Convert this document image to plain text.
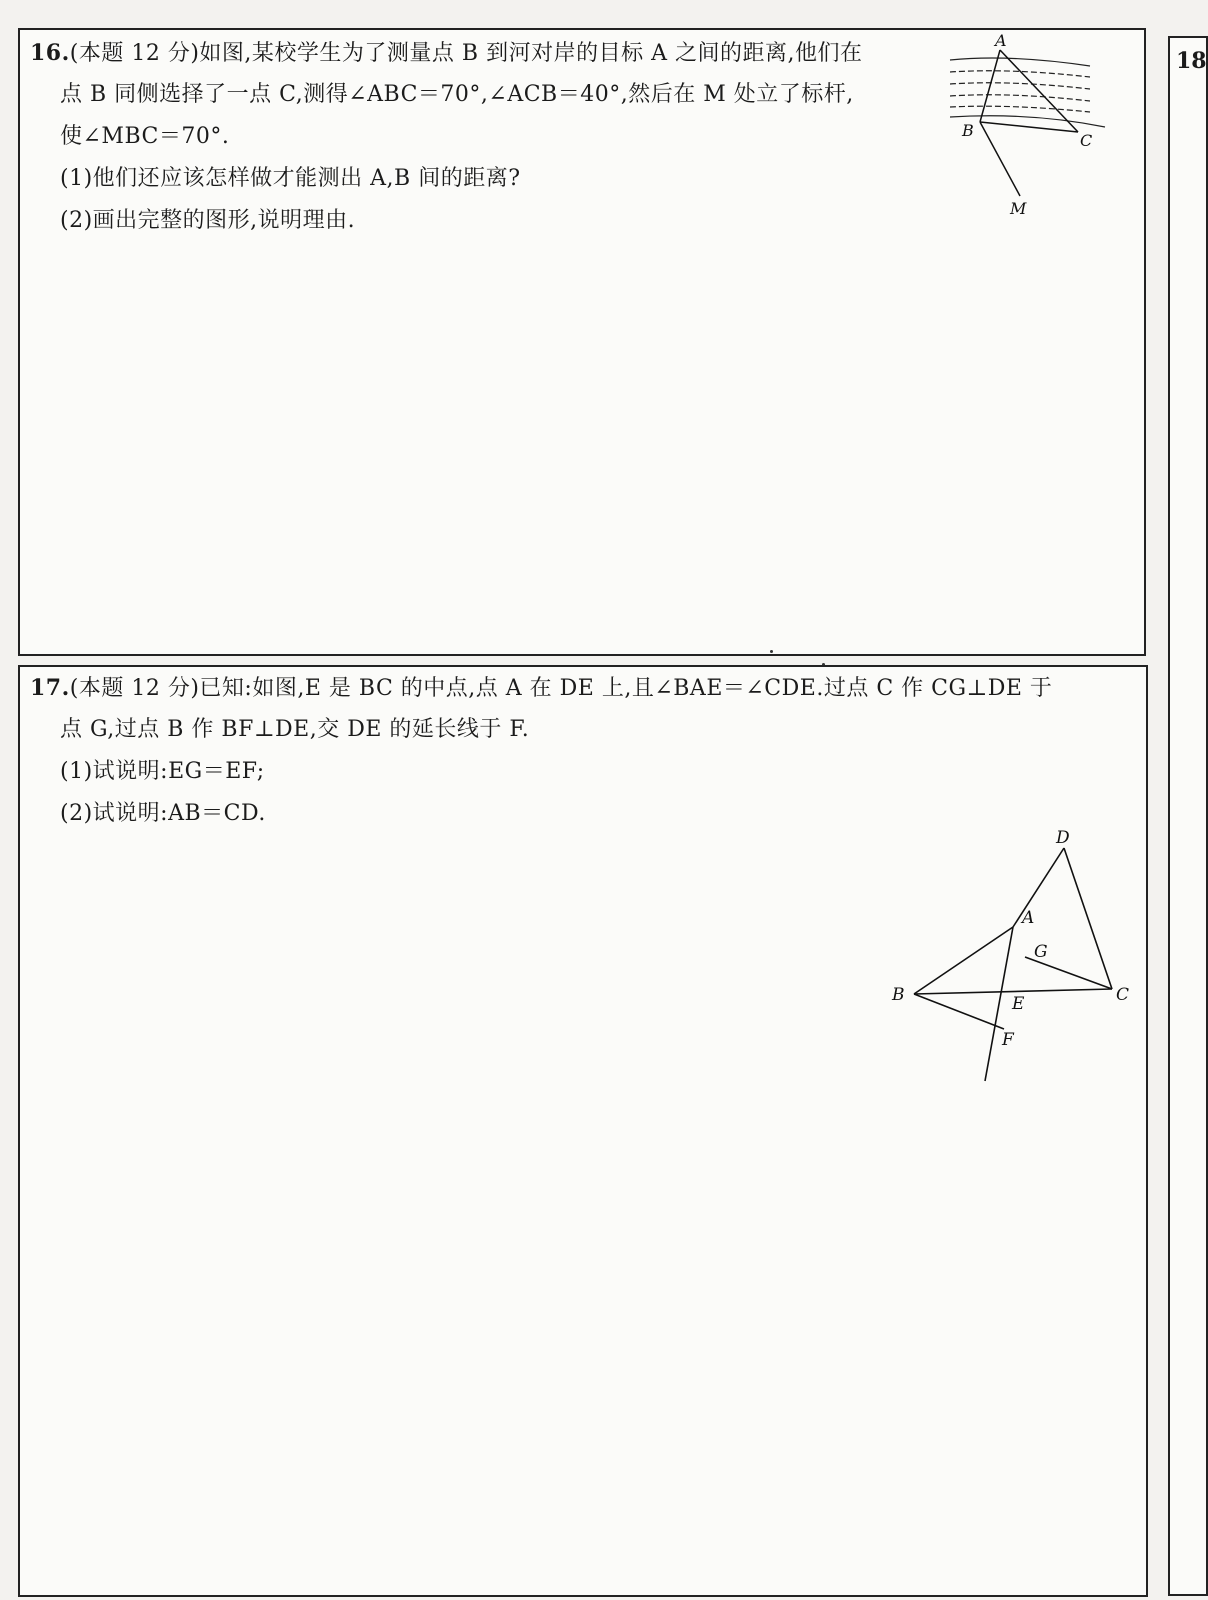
16.(本题 12 分)如图,某校学生为了测量点 B 到河对岸的目标 A 之间的距离,他们在
点 B 同侧选择了一点 C,测得∠ABC＝70°,∠ACB＝40°,然后在 M 处立了标杆,
使∠MBC＝70°.
(1)他们还应该怎样做才能测出 A,B 间的距离?
(2)画出完整的图形,说明理由.
A
B
C
M
17.(本题 12 分)已知:如图,E 是 BC 的中点,点 A 在 DE 上,且∠BAE＝∠CDE.过点 C 作 CG⊥DE 于
点 G,过点 B 作 BF⊥DE,交 DE 的延长线于 F.
(1)试说明:EG＝EF;
(2)试说明:AB＝CD.
D
A
G
B	E	C
F
18
